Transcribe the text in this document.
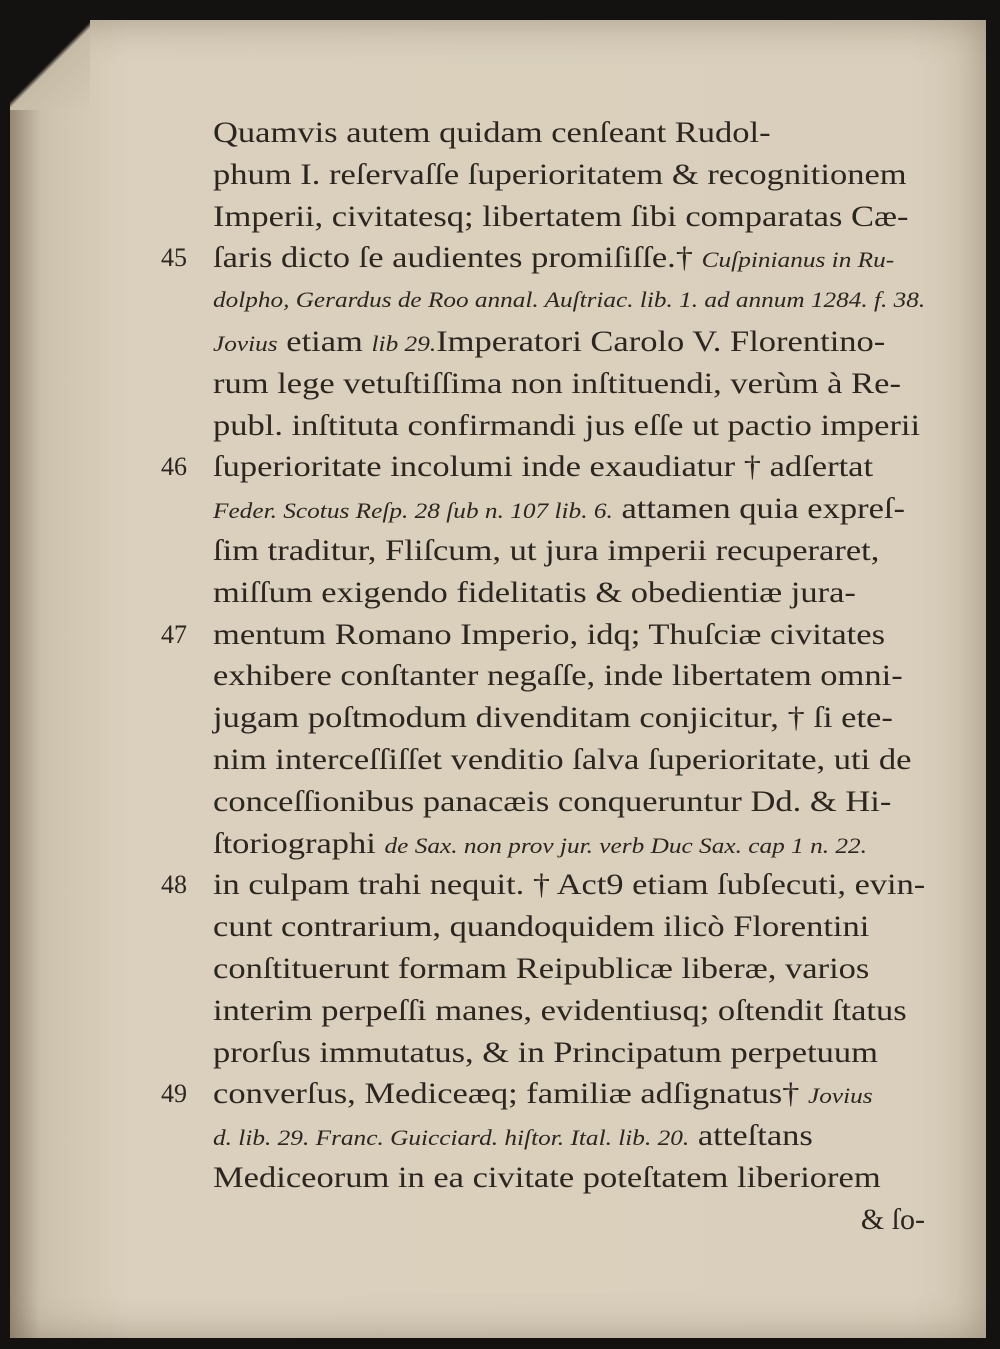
Quamvis autem quidam cenſeant Rudol-
phum I. reſervaſſe ſuperioritatem & recognitionem
Imperii, civitatesq; libertatem ſibi comparatas Cæ-
45 ſaris dicto ſe audientes promiſiſſe.† Cuſpinianus in Ru-
dolpho, Gerardus de Roo annal. Auſtriac. lib. 1. ad annum 1284. f. 38.
Jovius etiam lib 29.Imperatori Carolo V. Florentino-
rum lege vetuſtiſſima non inſtituendi, verùm à Re-
publ. inſtituta confirmandi jus eſſe ut pactio imperii
46 ſuperioritate incolumi inde exaudiatur † adſertat
Feder. Scotus Reſp. 28 ſub n. 107 lib. 6. attamen quia expreſ-
ſim traditur, Fliſcum, ut jura imperii recuperaret,
miſſum exigendo fidelitatis & obedientiæ jura-
47 mentum Romano Imperio, idq; Thuſciæ civitates
exhibere conſtanter negaſſe, inde libertatem omni-
jugam poſtmodum divenditam conjicitur, † ſi ete-
nim interceſſiſſet venditio ſalva ſuperioritate, uti de
conceſſionibus panacæis conqueruntur Dd. & Hi-
ſtoriographi de Sax. non prov jur. verb Duc Sax. cap 1 n. 22.
48 in culpam trahi nequit. † Act9 etiam ſubſecuti, evin-
cunt contrarium, quandoquidem ilicò Florentini
conſtituerunt formam Reipublicæ liberæ, varios
interim perpeſſi manes, evidentiusq; oſtendit ſtatus
prorſus immutatus, & in Principatum perpetuum
49 converſus, Mediceæq; familiæ adſignatus† Jovius
d. lib. 29. Franc. Guicciard. hiſtor. Ital. lib. 20. atteſtans
Mediceorum in ea civitate poteſtatem liberiorem
& ſo-
